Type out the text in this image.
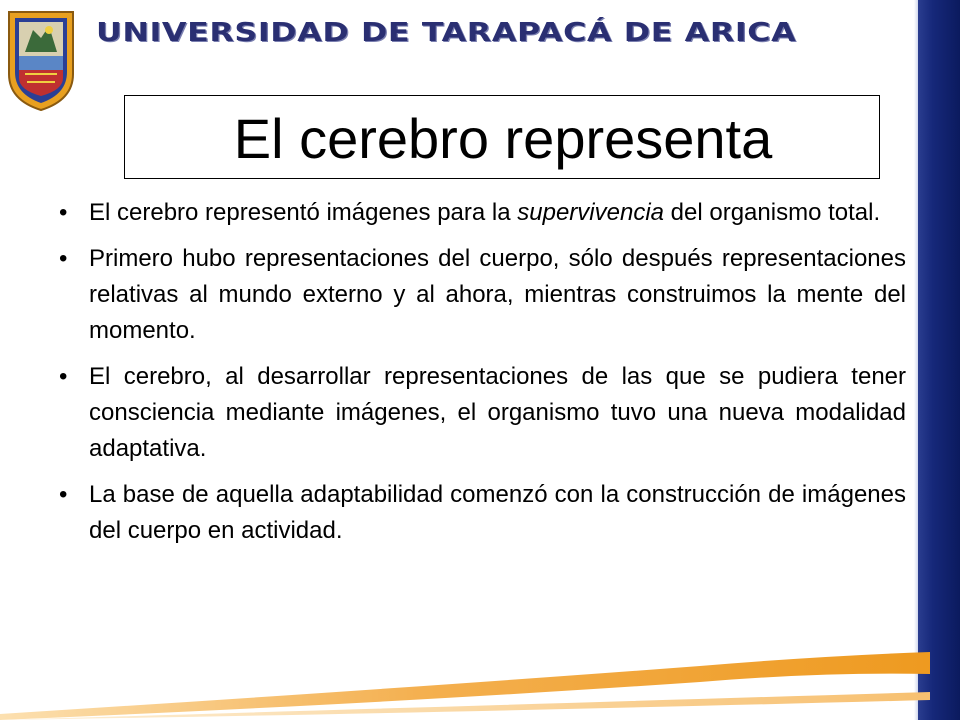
UNIVERSIDAD DE TARAPACÁ DE ARICA
El cerebro representa
• El cerebro representó imágenes para la supervivencia del organismo total.
• Primero hubo representaciones del cuerpo, sólo después representaciones relativas al mundo externo y al ahora, mientras construimos la mente del momento.
• El cerebro, al desarrollar representaciones de las que se pudiera tener consciencia mediante imágenes, el organismo tuvo una nueva modalidad adaptativa.
• La base de aquella adaptabilidad comenzó con la construcción de imágenes del cuerpo en actividad.
